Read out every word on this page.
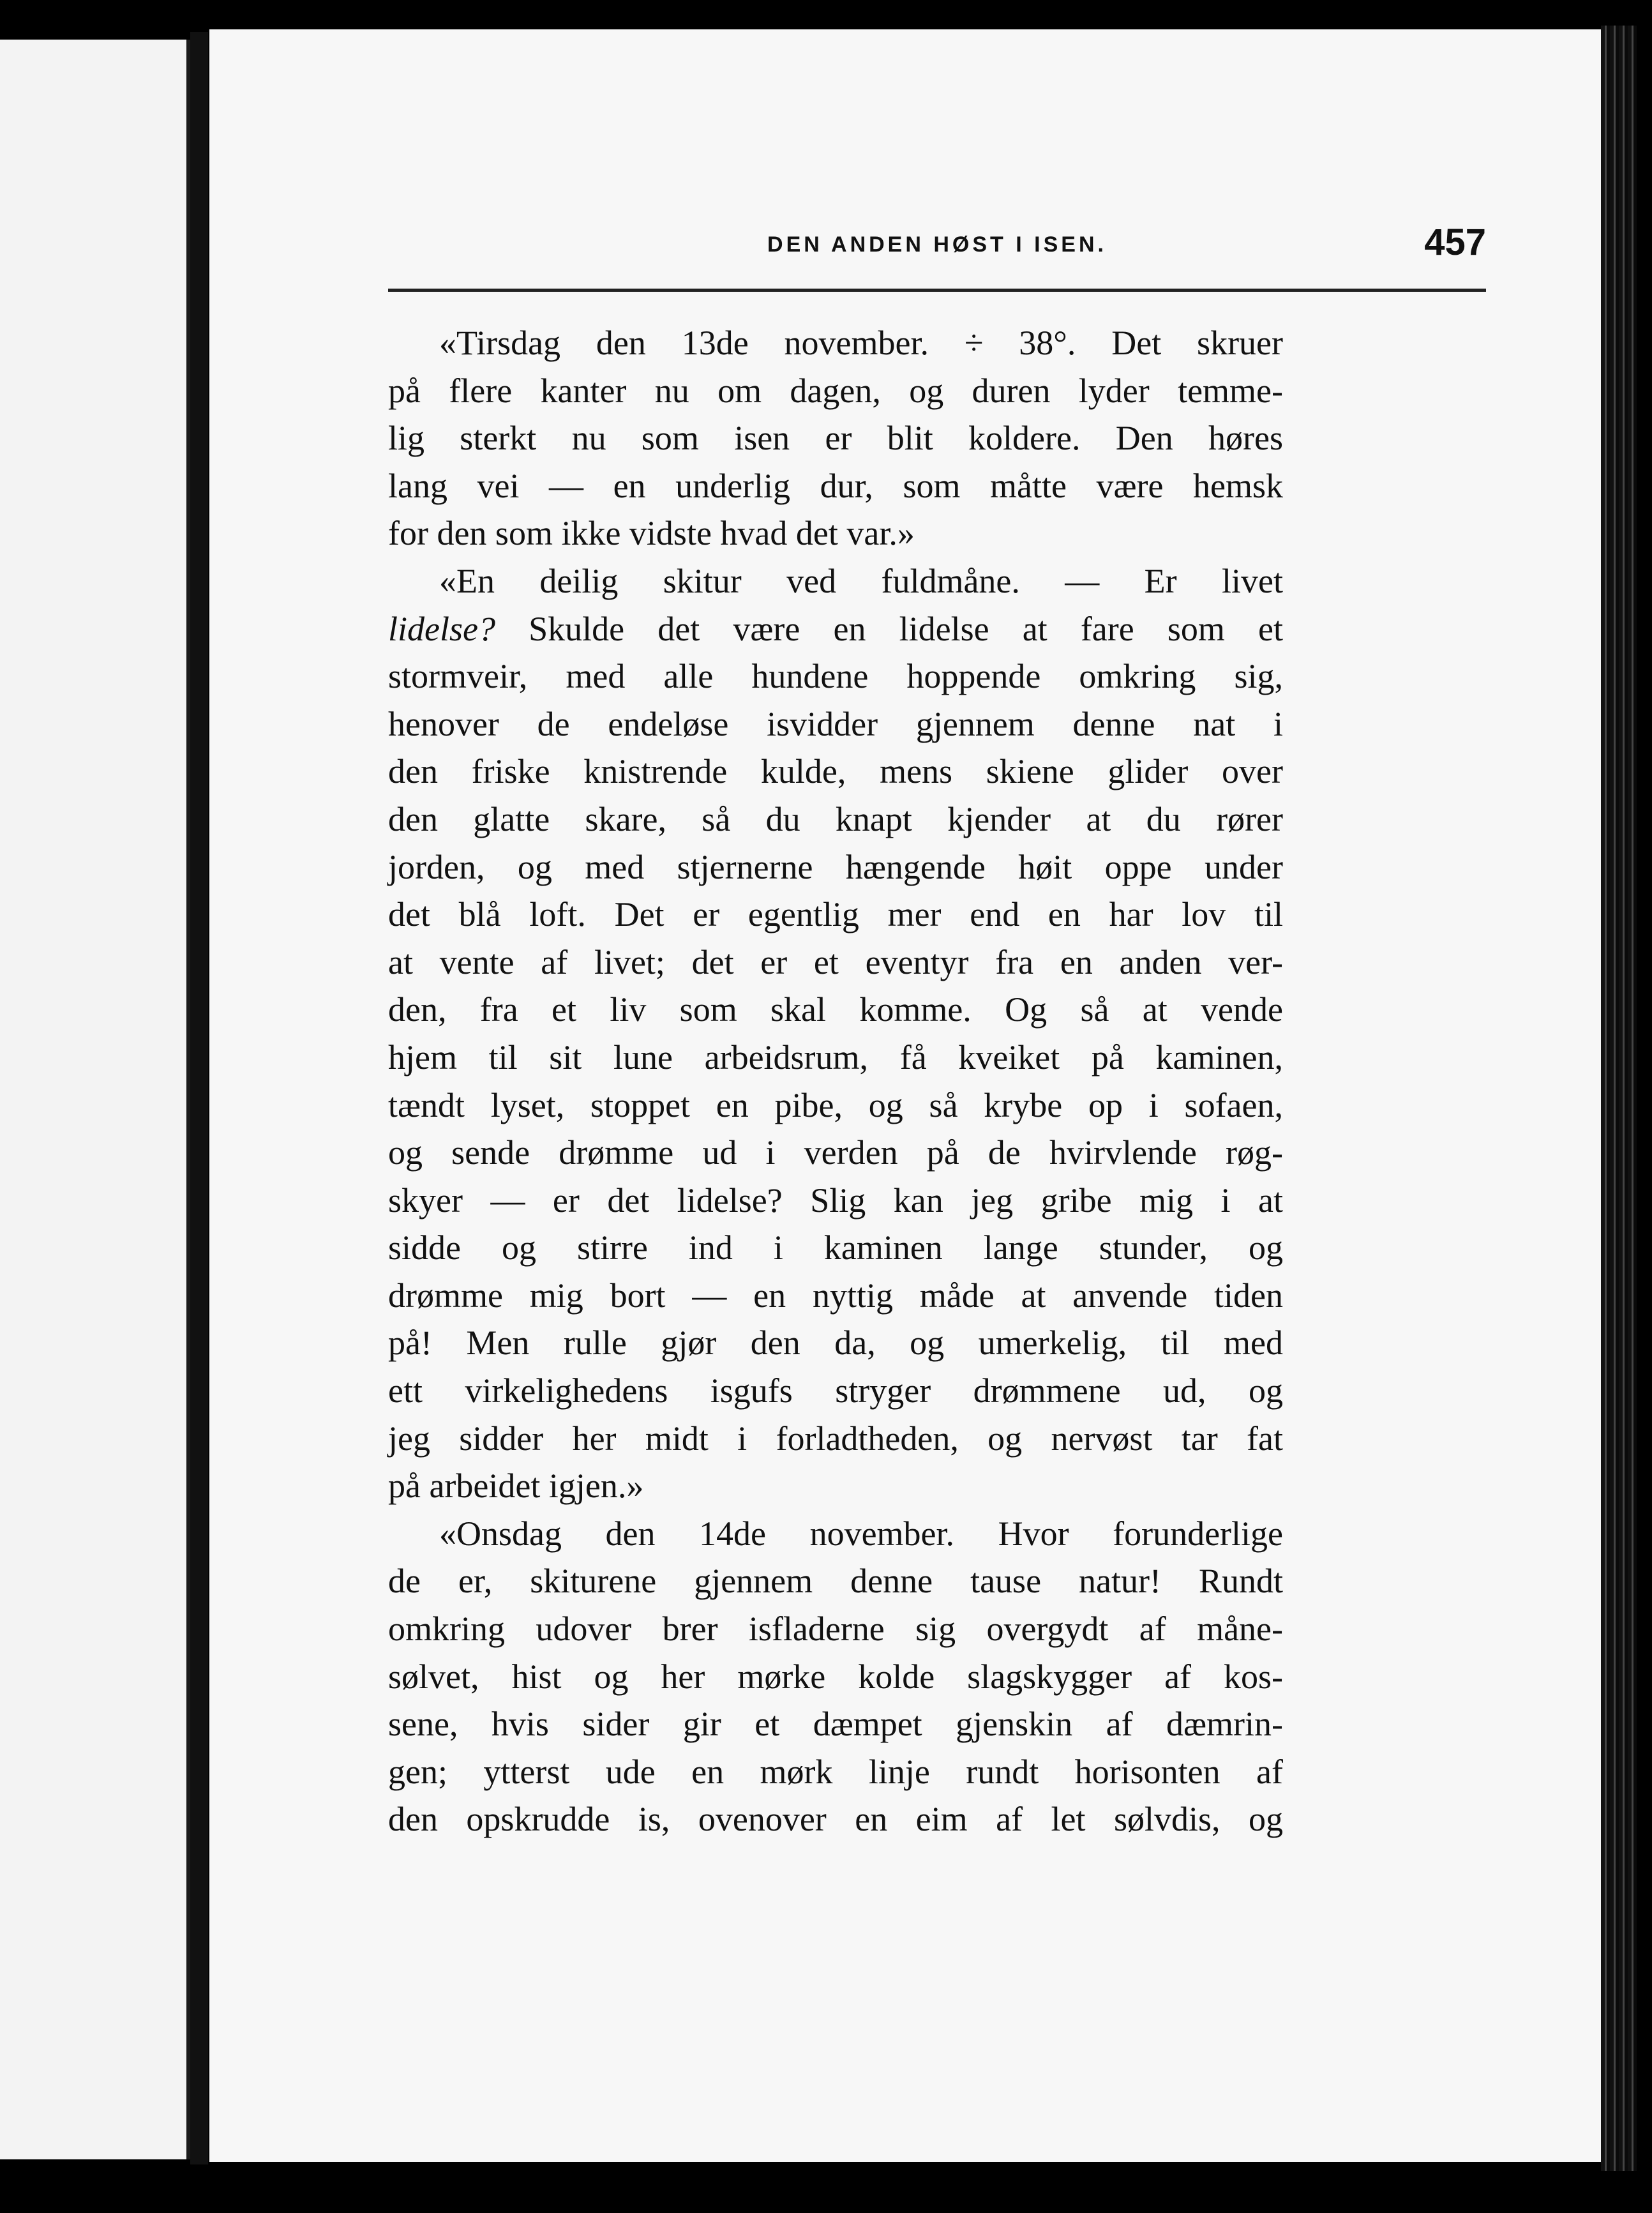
DEN ANDEN HØST I ISEN.	457
«Tirsdag den 13de november. ÷ 38°. Det skruer
på flere kanter nu om dagen, og duren lyder temme-
lig sterkt nu som isen er blit koldere. Den høres
lang vei — en underlig dur, som måtte være hemsk
for den som ikke vidste hvad det var.»
«En deilig skitur ved fuldmåne. — Er livet
lidelse? Skulde det være en lidelse at fare som et
stormveir, med alle hundene hoppende omkring sig,
henover de endeløse isvidder gjennem denne nat i
den friske knistrende kulde, mens skiene glider over
den glatte skare, så du knapt kjender at du rører
jorden, og med stjernerne hængende høit oppe under
det blå loft. Det er egentlig mer end en har lov til
at vente af livet; det er et eventyr fra en anden ver-
den, fra et liv som skal komme. Og så at vende
hjem til sit lune arbeidsrum, få kveiket på kaminen,
tændt lyset, stoppet en pibe, og så krybe op i sofaen,
og sende drømme ud i verden på de hvirvlende røg-
skyer — er det lidelse? Slig kan jeg gribe mig i at
sidde og stirre ind i kaminen lange stunder, og
drømme mig bort — en nyttig måde at anvende tiden
på! Men rulle gjør den da, og umerkelig, til med
ett virkelighedens isgufs stryger drømmene ud, og
jeg sidder her midt i forladtheden, og nervøst tar fat
på arbeidet igjen.»
«Onsdag den 14de november. Hvor forunderlige
de er, skiturene gjennem denne tause natur! Rundt
omkring udover brer isfladerne sig overgydt af måne-
sølvet, hist og her mørke kolde slagskygger af kos-
sene, hvis sider gir et dæmpet gjenskin af dæmrin-
gen; ytterst ude en mørk linje rundt horisonten af
den opskrudde is, ovenover en eim af let sølvdis, og
